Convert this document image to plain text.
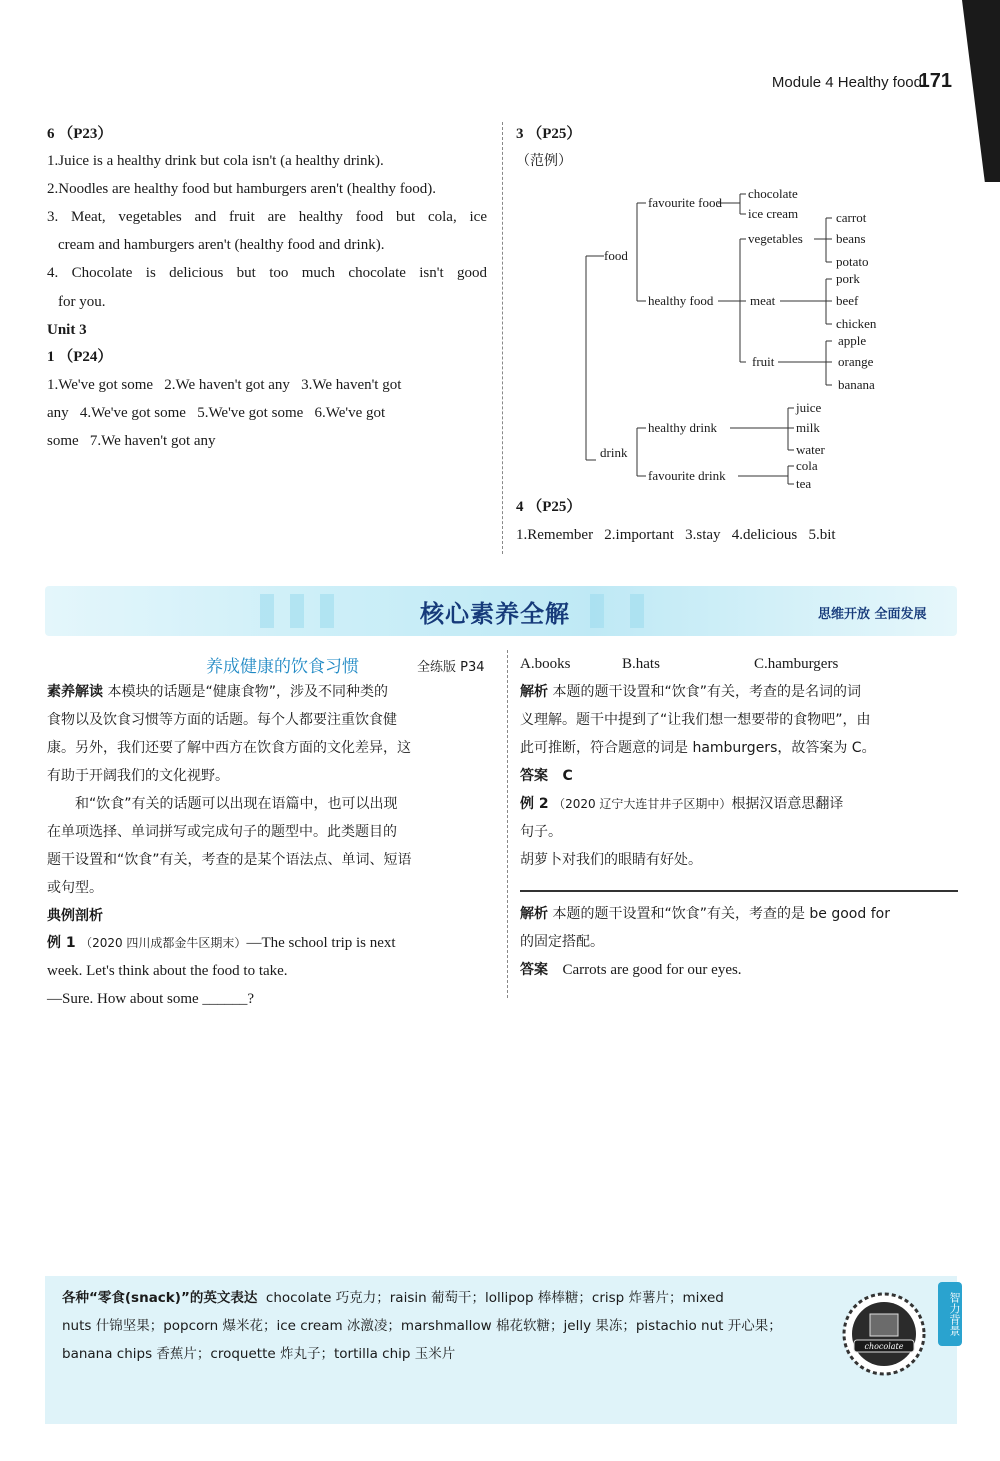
Module 4 Healthy food
171
6 （P23）
1.Juice is a healthy drink but cola isn't (a healthy drink).
2.Noodles are healthy food but hamburgers aren't (healthy food).
3. Meat, vegetables and fruit are healthy food but cola, ice
cream and hamburgers aren't (healthy food and drink).
4. Chocolate is delicious but too much chocolate isn't good
for you.
Unit 3
1 （P24）
1.We've got some   2.We haven't got any   3.We haven't got
any   4.We've got some   5.We've got some   6.We've got
some   7.We haven't got any
3 （P25）
（范例）
food
favourite food
chocolate
ice cream
healthy food
vegetables
carrot
beans
potato
meat
pork
beef
chicken
fruit
apple
orange
banana
drink
healthy drink
juice
milk
water
favourite drink
cola
tea
4 （P25）
1.Remember   2.important   3.stay   4.delicious   5.bit
核心素养全解	思维开放 全面发展
养成健康的饮食习惯	全练版 P34
素养解读 本模块的话题是“健康食物”，涉及不同种类的
食物以及饮食习惯等方面的话题。每个人都要注重饮食健
康。另外，我们还要了解中西方在饮食方面的文化差异，这
有助于开阔我们的文化视野。
和“饮食”有关的话题可以出现在语篇中，也可以出现
在单项选择、单词拼写或完成句子的题型中。此类题目的
题干设置和“饮食”有关，考查的是某个语法点、单词、短语
或句型。
典例剖析
例 1 （2020 四川成都金牛区期末）—The school trip is next
week. Let's think about the food to take.
—Sure. How about some ______?
A.books	B.hats	C.hamburgers
解析 本题的题干设置和“饮食”有关，考查的是名词的词
义理解。题干中提到了“让我们想一想要带的食物吧”，由
此可推断，符合题意的词是 hamburgers，故答案为 C。
答案 C
例 2 （2020 辽宁大连甘井子区期中）根据汉语意思翻译
句子。
胡萝卜对我们的眼睛有好处。
解析 本题的题干设置和“饮食”有关，考查的是 be good for
的固定搭配。
答案 Carrots are good for our eyes.
智力背景
各种“零食(snack)”的英文表达 chocolate 巧克力；raisin 葡萄干；lollipop 棒棒糖；crisp 炸薯片；mixed
nuts 什锦坚果；popcorn 爆米花；ice cream 冰激凌；marshmallow 棉花软糖；jelly 果冻；pistachio nut 开心果；
banana chips 香蕉片；croquette 炸丸子；tortilla chip 玉米片	chocolate
